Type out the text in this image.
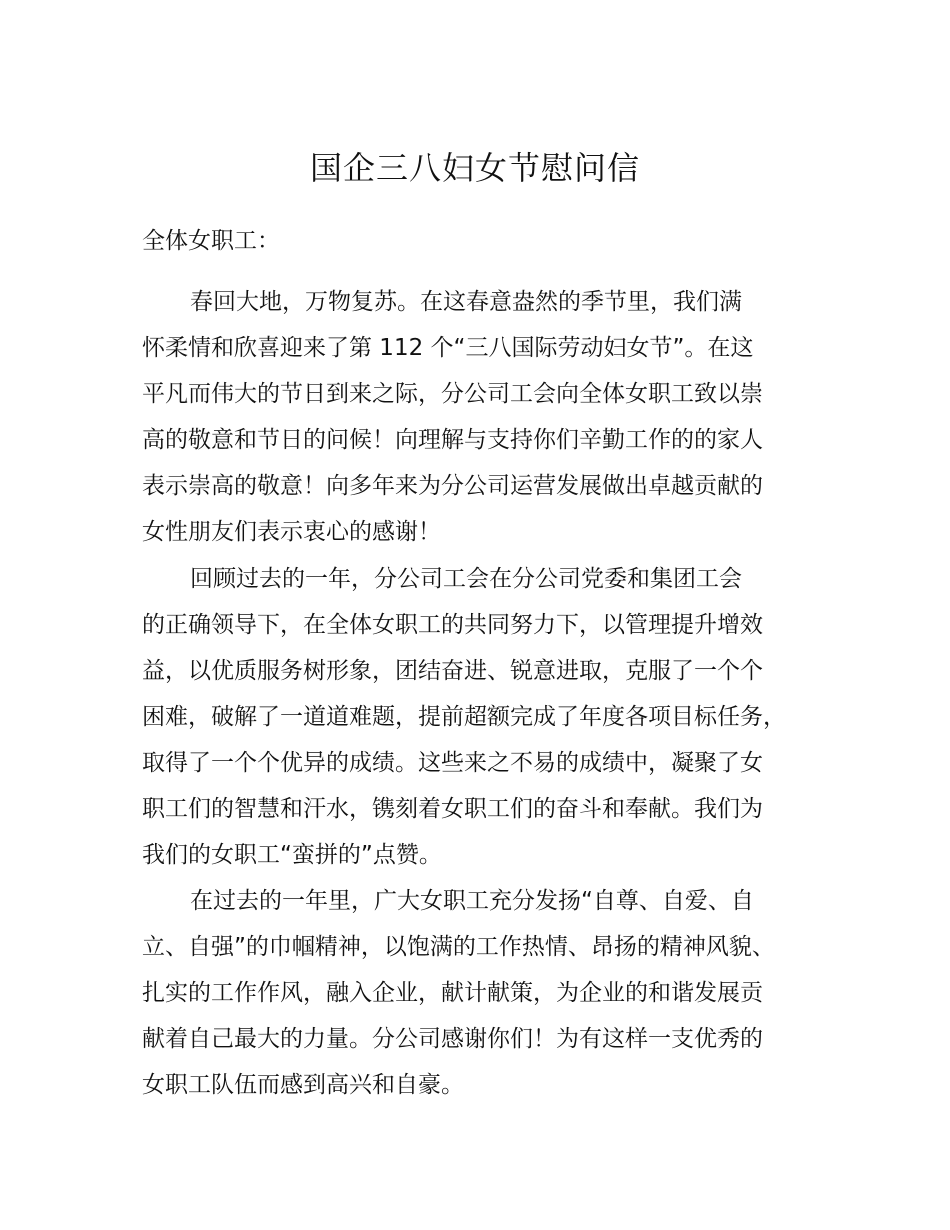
国企三八妇女节慰问信
全体女职工：
春回大地，万物复苏。在这春意盎然的季节里，我们满
怀柔情和欣喜迎来了第 112 个“三八国际劳动妇女节”。在这
平凡而伟大的节日到来之际，分公司工会向全体女职工致以崇
高的敬意和节日的问候！向理解与支持你们辛勤工作的的家人
表示崇高的敬意！向多年来为分公司运营发展做出卓越贡献的
女性朋友们表示衷心的感谢！
回顾过去的一年，分公司工会在分公司党委和集团工会
的正确领导下，在全体女职工的共同努力下，以管理提升增效
益，以优质服务树形象，团结奋进、锐意进取，克服了一个个
困难，破解了一道道难题，提前超额完成了年度各项目标任务，
取得了一个个优异的成绩。这些来之不易的成绩中，凝聚了女
职工们的智慧和汗水，镌刻着女职工们的奋斗和奉献。我们为
我们的女职工“蛮拼的”点赞。
在过去的一年里，广大女职工充分发扬“自尊、自爱、自
立、自强”的巾帼精神，以饱满的工作热情、昂扬的精神风貌、
扎实的工作作风，融入企业，献计献策，为企业的和谐发展贡
献着自己最大的力量。分公司感谢你们！为有这样一支优秀的
女职工队伍而感到高兴和自豪。
